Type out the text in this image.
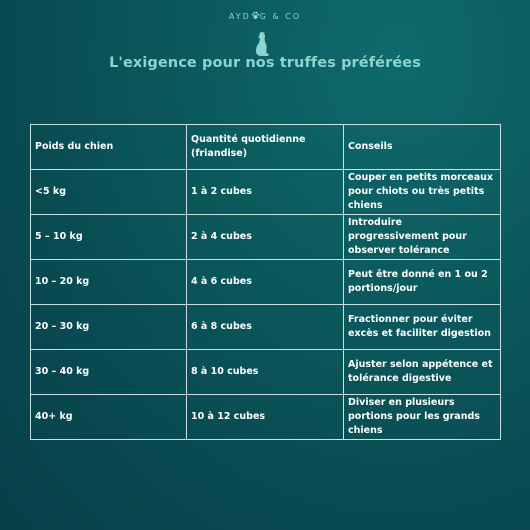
AYD G & CO
L'exigence pour nos truffes préférées
Poids du chien	Quantité quotidienne (friandise)	Conseils
<5 kg	1 à 2 cubes	Couper en petits morceaux pour chiots ou très petits chiens
5 – 10 kg	2 à 4 cubes	Introduire progressivement pour observer tolérance
10 – 20 kg	4 à 6 cubes	Peut être donné en 1 ou 2 portions/jour
20 – 30 kg	6 à 8 cubes	Fractionner pour éviter excès et faciliter digestion
30 – 40 kg	8 à 10 cubes	Ajuster selon appétence et tolérance digestive
40+ kg	10 à 12 cubes	Diviser en plusieurs portions pour les grands chiens
